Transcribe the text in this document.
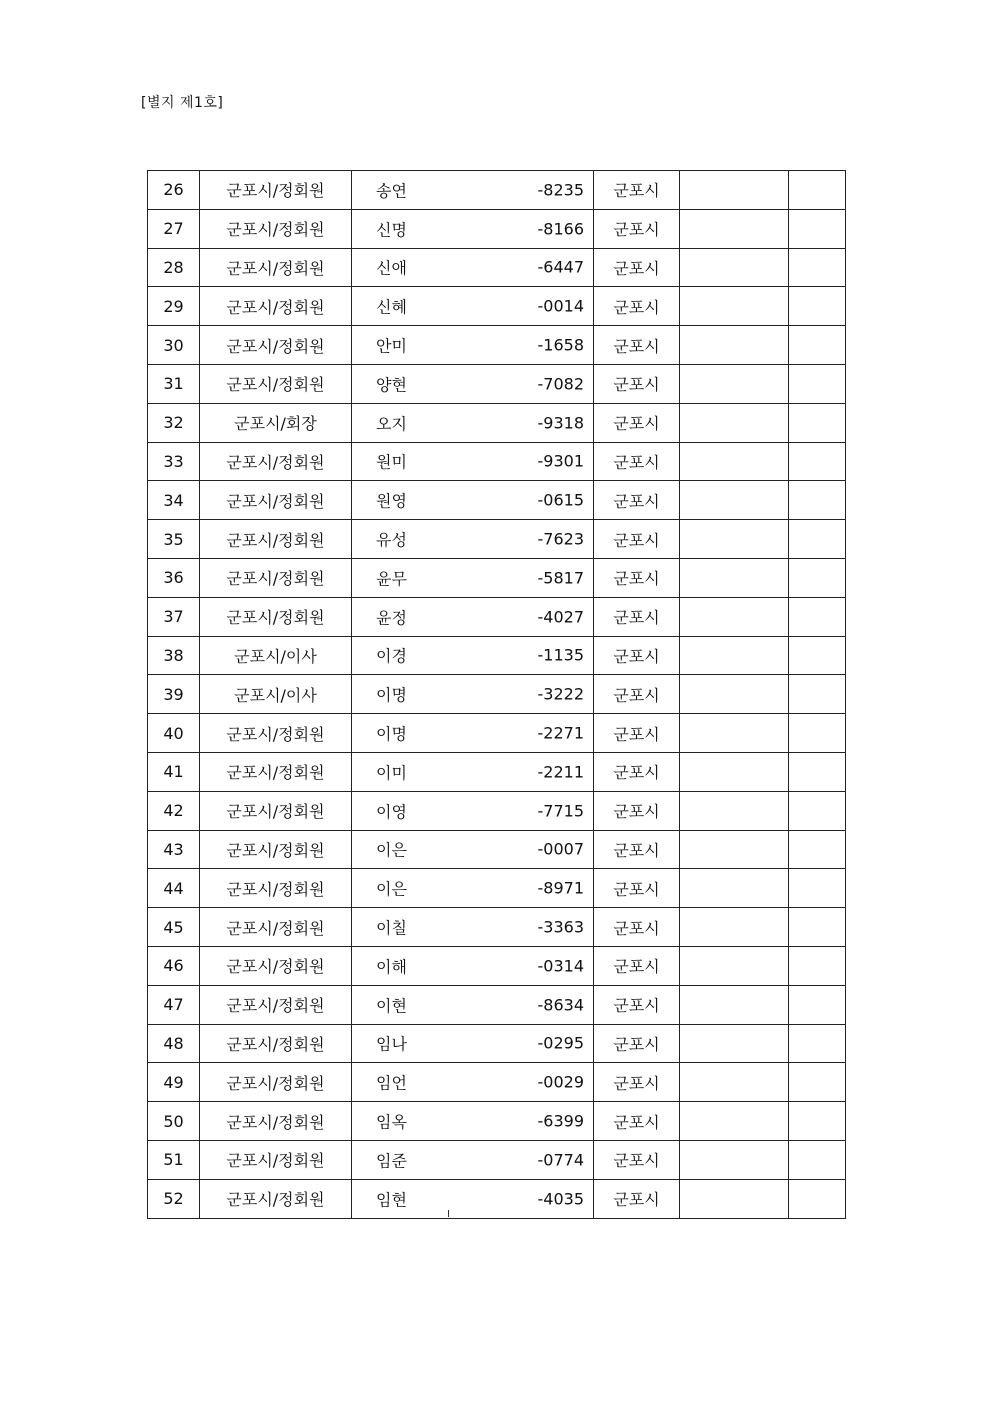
[별지 제1호]
26	군포시/정회원	송연 -8235	군포시		
27	군포시/정회원	신명 -8166	군포시		
28	군포시/정회원	신애 -6447	군포시		
29	군포시/정회원	신혜 -0014	군포시		
30	군포시/정회원	안미 -1658	군포시		
31	군포시/정회원	양현 -7082	군포시		
32	군포시/회장	오지 -9318	군포시		
33	군포시/정회원	원미 -9301	군포시		
34	군포시/정회원	원영 -0615	군포시		
35	군포시/정회원	유성 -7623	군포시		
36	군포시/정회원	윤무 -5817	군포시		
37	군포시/정회원	윤정 -4027	군포시		
38	군포시/이사	이경 -1135	군포시		
39	군포시/이사	이명 -3222	군포시		
40	군포시/정회원	이명 -2271	군포시		
41	군포시/정회원	이미 -2211	군포시		
42	군포시/정회원	이영 -7715	군포시		
43	군포시/정회원	이은 -0007	군포시		
44	군포시/정회원	이은 -8971	군포시		
45	군포시/정회원	이칠 -3363	군포시		
46	군포시/정회원	이해 -0314	군포시		
47	군포시/정회원	이현 -8634	군포시		
48	군포시/정회원	임나 -0295	군포시		
49	군포시/정회원	임언 -0029	군포시		
50	군포시/정회원	임옥 -6399	군포시		
51	군포시/정회원	임준 -0774	군포시		
52	군포시/정회원	임현 -4035	군포시		
